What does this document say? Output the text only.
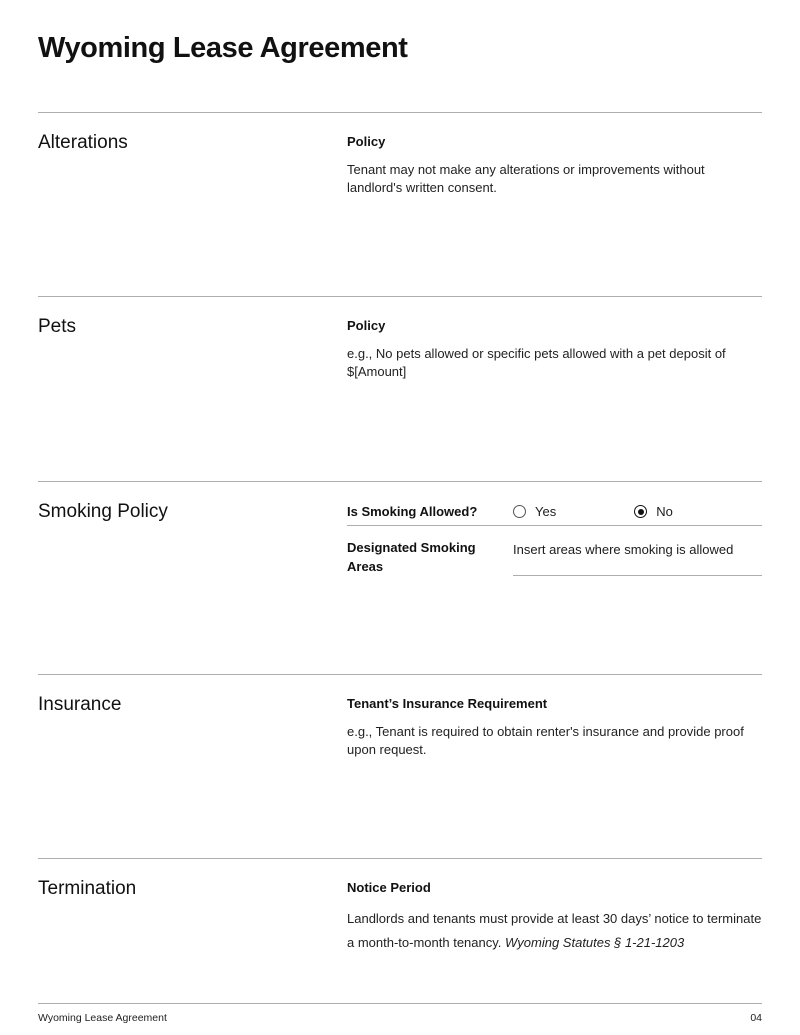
Wyoming Lease Agreement
Alterations	Policy
Tenant may not make any alterations or improvements without landlord's written consent.
Pets	Policy
e.g., No pets allowed or specific pets allowed with a pet deposit of $[Amount]
Smoking Policy	Is Smoking Allowed?	Yes	No
Designated Smoking Areas
Insert areas where smoking is allowed
Insurance	Tenant’s Insurance Requirement
e.g., Tenant is required to obtain renter's insurance and provide proof upon request.
Termination	Notice Period
Landlords and tenants must provide at least 30 days’ notice to terminate a month-to-month tenancy. Wyoming Statutes § 1-21-1203
Wyoming Lease Agreement	04
